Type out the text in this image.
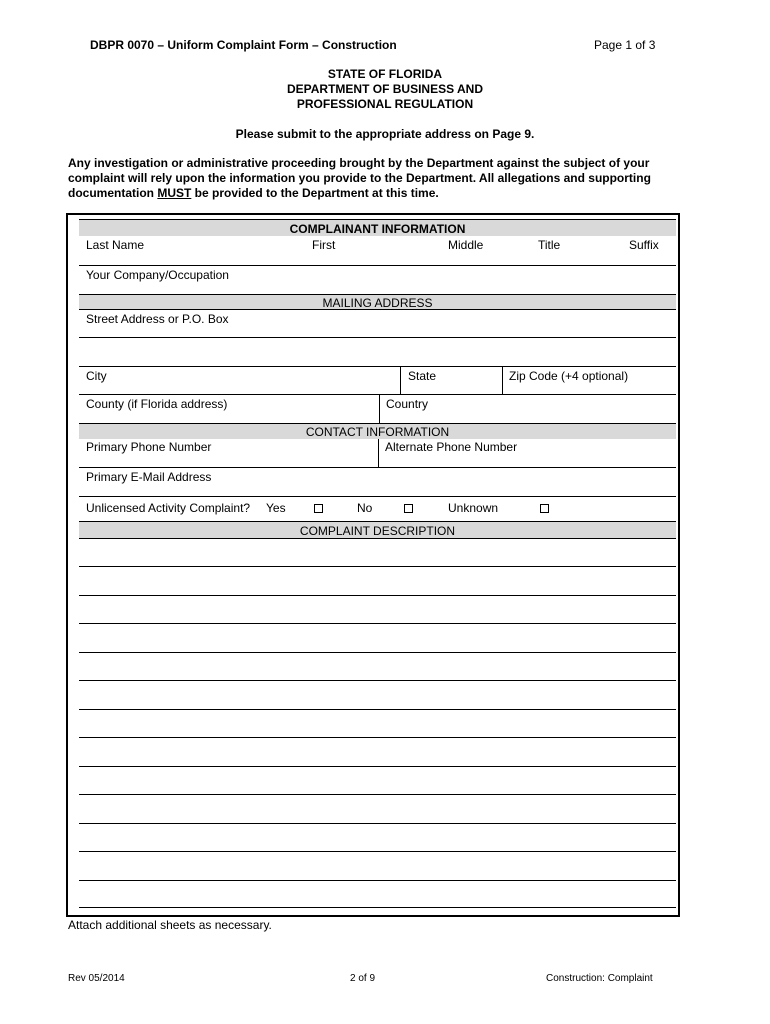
DBPR 0070 – Uniform Complaint Form – Construction	Page 1 of 3
STATE OF FLORIDA
DEPARTMENT OF BUSINESS AND
PROFESSIONAL REGULATION
Please submit to the appropriate address on Page 9.
Any investigation or administrative proceeding brought by the Department against the subject of your complaint will rely upon the information you provide to the Department. All allegations and supporting documentation MUST be provided to the Department at this time.
COMPLAINANT INFORMATION
Last Name	First	Middle	Title	Suffix
Your Company/Occupation
MAILING ADDRESS
Street Address or P.O. Box
City	State	Zip Code (+4 optional)
County (if Florida address)	Country
CONTACT INFORMATION
Primary Phone Number	Alternate Phone Number
Primary E-Mail Address
Unlicensed Activity Complaint? Yes	No	Unknown
COMPLAINT DESCRIPTION
Attach additional sheets as necessary.
Rev 05/2014	2 of 9	Construction: Complaint
